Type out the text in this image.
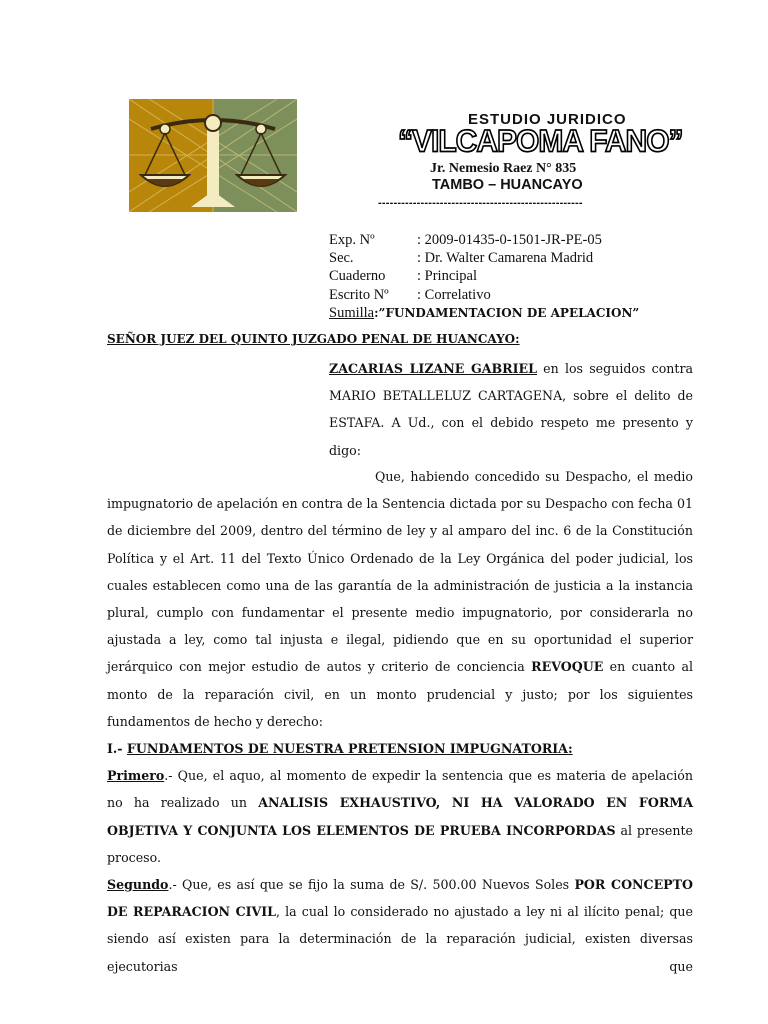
ESTUDIO JURIDICO
“VILCAPOMA FANO”
Jr. Nemesio Raez N° 835
TAMBO – HUANCAYO
-----------------------------------------------------
Exp. Nº	: 2009-01435-0-1501-JR-PE-05
Sec.	: Dr. Walter Camarena Madrid
Cuaderno	: Principal
Escrito Nº	: Correlativo
Sumilla :”FUNDAMENTACION DE APELACION”
SEÑOR JUEZ DEL QUINTO JUZGADO PENAL DE HUANCAYO:

ZACARIAS LIZANE GABRIEL en los seguidos contra MARIO BETALLELUZ CARTAGENA, sobre el delito de ESTAFA. A Ud., con el debido respeto me presento y digo:

Que, habiendo concedido su Despacho, el medio impugnatorio de apelación en contra de la Sentencia dictada por su Despacho con fecha 01 de diciembre del 2009, dentro del término de ley y al amparo del inc. 6 de la Constitución Política y el Art. 11 del Texto Único Ordenado de la Ley Orgánica del poder judicial, los cuales establecen como una de las garantía de la administración de justicia a la instancia plural, cumplo con fundamentar el presente medio impugnatorio, por considerarla no ajustada a ley, como tal injusta e ilegal, pidiendo que en su oportunidad el superior jerárquico con mejor estudio de autos y criterio de conciencia REVOQUE en cuanto al monto de la reparación civil, en un monto prudencial y justo; por los siguientes fundamentos de hecho y derecho:

I.- FUNDAMENTOS DE NUESTRA PRETENSION IMPUGNATORIA:

Primero.- Que, el aquo, al momento de expedir la sentencia que es materia de apelación no ha realizado un ANALISIS EXHAUSTIVO, NI HA VALORADO EN FORMA OBJETIVA Y CONJUNTA LOS ELEMENTOS DE PRUEBA INCORPORDAS al presente proceso.

Segundo.- Que, es así que se fijo la suma de S/. 500.00 Nuevos Soles POR CONCEPTO DE REPARACION CIVIL, la cual lo considerado no ajustado a ley ni al ilícito penal; que siendo así existen para la determinación de la reparación judicial, existen diversas ejecutorias que
